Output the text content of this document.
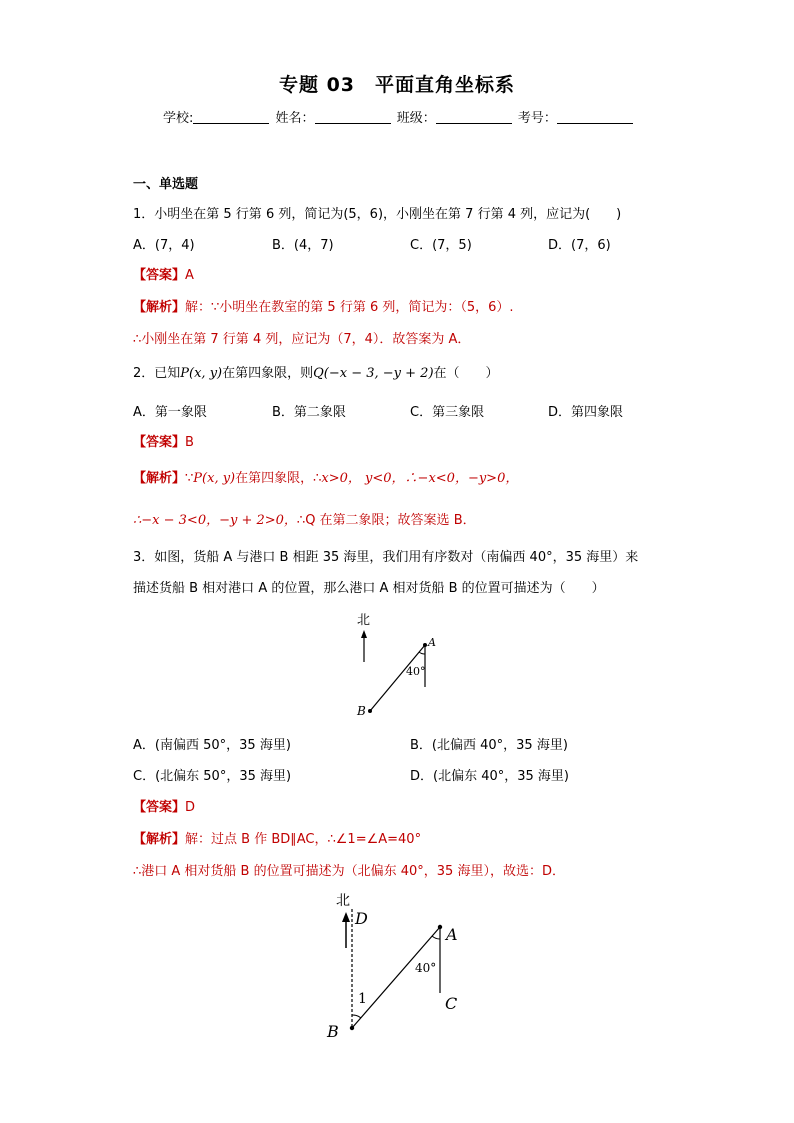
专题 03　平面直角坐标系
学校:	姓名：	班级：	考号：
一、单选题
1．小明坐在第 5 行第 6 列，简记为(5，6)，小刚坐在第 7 行第 4 列，应记为(　　)
A．(7，4)	B．(4，7)	C．(7，5)	D．(7，6)
【答案】A
【解析】解：∵小明坐在教室的第 5 行第 6 列，简记为：（5，6）.
∴小刚坐在第 7 行第 4 列，应记为（7，4）．故答案为 A．
2．已知P(x, y)在第四象限，则Q(−x − 3, −y + 2)在（　　）
A．第一象限	B．第二象限	C．第三象限	D．第四象限
【答案】B
【解析】∵P(x, y)在第四象限，∴x>0， y<0，∴−x<0，−y>0，
∴−x − 3<0，−y + 2>0，∴Q 在第二象限；故答案选 B．
3．如图，货船 A 与港口 B 相距 35 海里，我们用有序数对（南偏西 40°，35 海里）来
描述货船 B 相对港口 A 的位置，那么港口 A 相对货船 B 的位置可描述为（　　）
北
A
B
40°
A．(南偏西 50°，35 海里)	B．(北偏西 40°，35 海里)
C．(北偏东 50°，35 海里)	D．(北偏东 40°，35 海里)
【答案】D
【解析】解：过点 B 作 BD∥AC，∴∠1=∠A=40°
∴港口 A 相对货船 B 的位置可描述为（北偏东 40°，35 海里），故选：D．
北
D
A
C
B
1
40°
